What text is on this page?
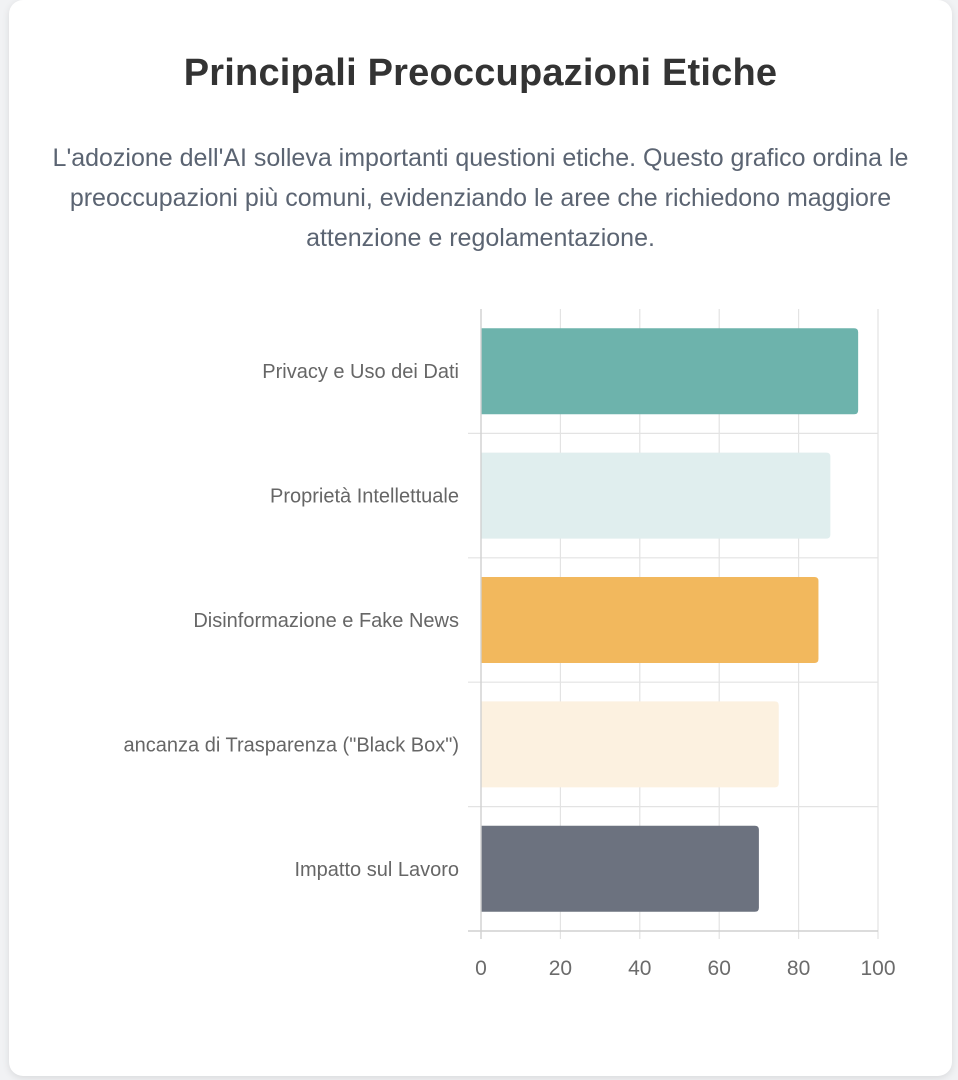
Principali Preoccupazioni Etiche

L'adozione dell'AI solleva importanti questioni etiche. Questo grafico ordina le preoccupazioni più comuni, evidenziando le aree che richiedono maggiore attenzione e regolamentazione.

0	20	40	60	80 100
Privacy e Uso dei Dati
Proprietà Intellettuale
Disinformazione e Fake News
ancanza di Trasparenza ("Black Box")
Impatto sul Lavoro
